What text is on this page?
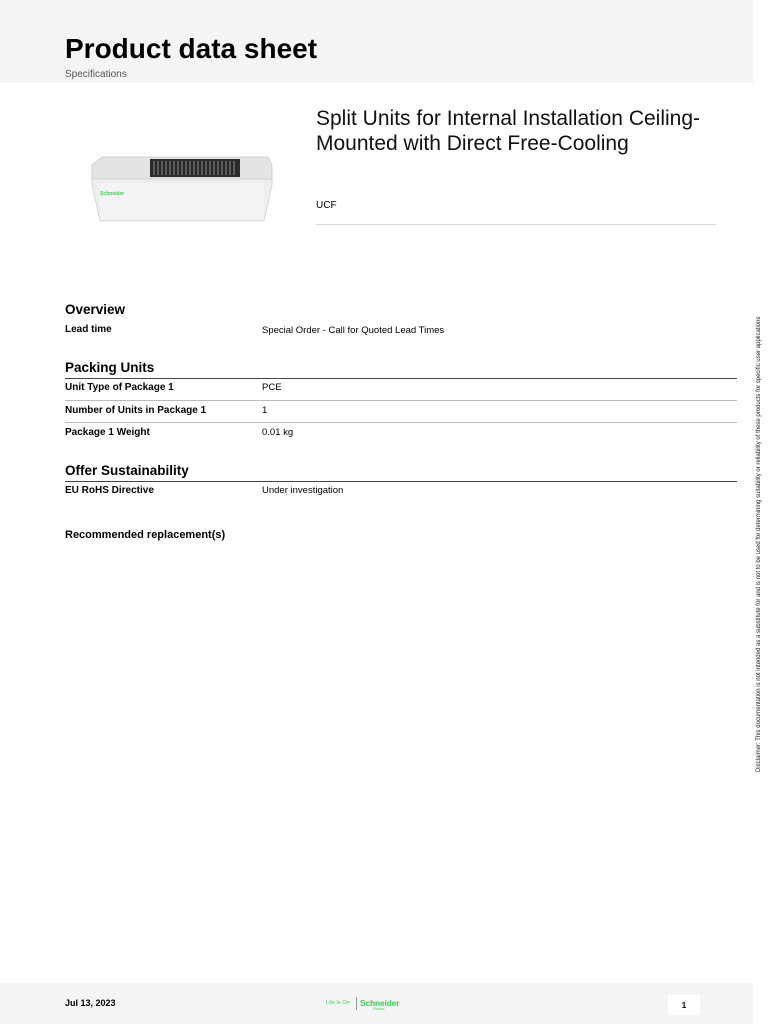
Product data sheet
Specifications
Schneider
Split Units for Internal Installation Ceiling-Mounted with Direct Free-Cooling
UCF
Overview
Lead time	Special Order - Call for Quoted Lead Times
Packing Units
Unit Type of Package 1	PCE
Number of Units in Package 1	1
Package 1 Weight	0.01 kg
Offer Sustainability
EU RoHS Directive	Under investigation
Recommended replacement(s)	Disclaimer: This documentation is not intended as a substitute for and is not to be used for determining suitability or reliability of these products for specific user applications
Jul 13, 2023	Life Is On Schneider
Electric	1
